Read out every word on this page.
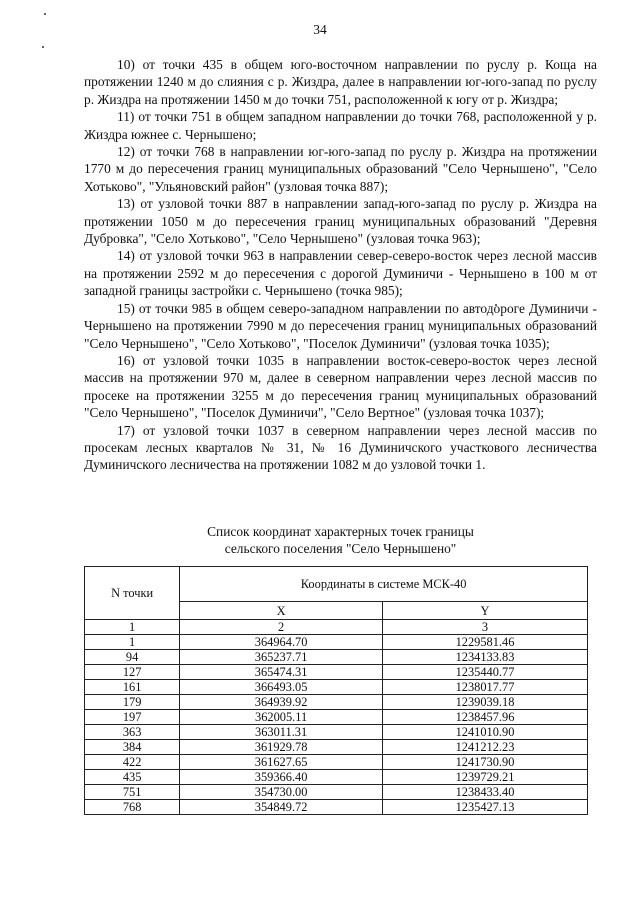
34

10) от точки 435 в общем юго-восточном направлении по руслу р. Коща на протяжении 1240 м до слияния с р. Жиздра, далее в направлении юг-юго-запад по руслу р. Жиздра на протяжении 1450 м до точки 751, расположенной к югу от р. Жиздра;

11) от точки 751 в общем западном направлении до точки 768, расположенной у р. Жиздра южнее с. Чернышено;

12) от точки 768 в направлении юг-юго-запад по руслу р. Жиздра на протяжении 1770 м до пересечения границ муниципальных образований "Село Чернышено", "Село Хотьково", "Ульяновский район" (узловая точка 887);

13) от узловой точки 887 в направлении запад-юго-запад по руслу р. Жиздра на протяжении 1050 м до пересечения границ муниципальных образований "Деревня Дубровка", "Село Хотьково", "Село Чернышено" (узловая точка 963);

14) от узловой точки 963 в направлении север-северо-восток через лесной массив на протяжении 2592 м до пересечения с дорогой Думиничи - Чернышено в 100 м от западной границы застройки с. Чернышено (точка 985);

15) от точки 985 в общем северо-западном направлении по автодороге Думиничи - Чернышено на протяжении 7990 м до пересечения границ муниципальных образований "Село Чернышено", "Село Хотьково", "Поселок Думиничи" (узловая точка 1035);

16) от узловой точки 1035 в направлении восток-северо-восток через лесной массив на протяжении 970 м, далее в северном направлении через лесной массив по просеке на протяжении 3255 м до пересечения границ муниципальных образований "Село Чернышено", "Поселок Думиничи", "Село Вертное" (узловая точка 1037);

17) от узловой точки 1037 в северном направлении через лесной массив по просекам лесных кварталов № 31, № 16 Думиничского участкового лесничества Думиничского лесничества на протяжении 1082 м до узловой точки 1.

Список координат характерных точек границы
сельского поселения "Село Чернышено"
N точки	Координаты в системе МСК-40	
	X	Y
1	2	3
1	364964.70	1229581.46
94	365237.71	1234133.83
127	365474.31	1235440.77
161	366493.05	1238017.77
179	364939.92	1239039.18
197	362005.11	1238457.96
363	363011.31	1241010.90
384	361929.78	1241212.23
422	361627.65	1241730.90
435	359366.40	1239729.21
751	354730.00	1238433.40
768	354849.72	1235427.13
